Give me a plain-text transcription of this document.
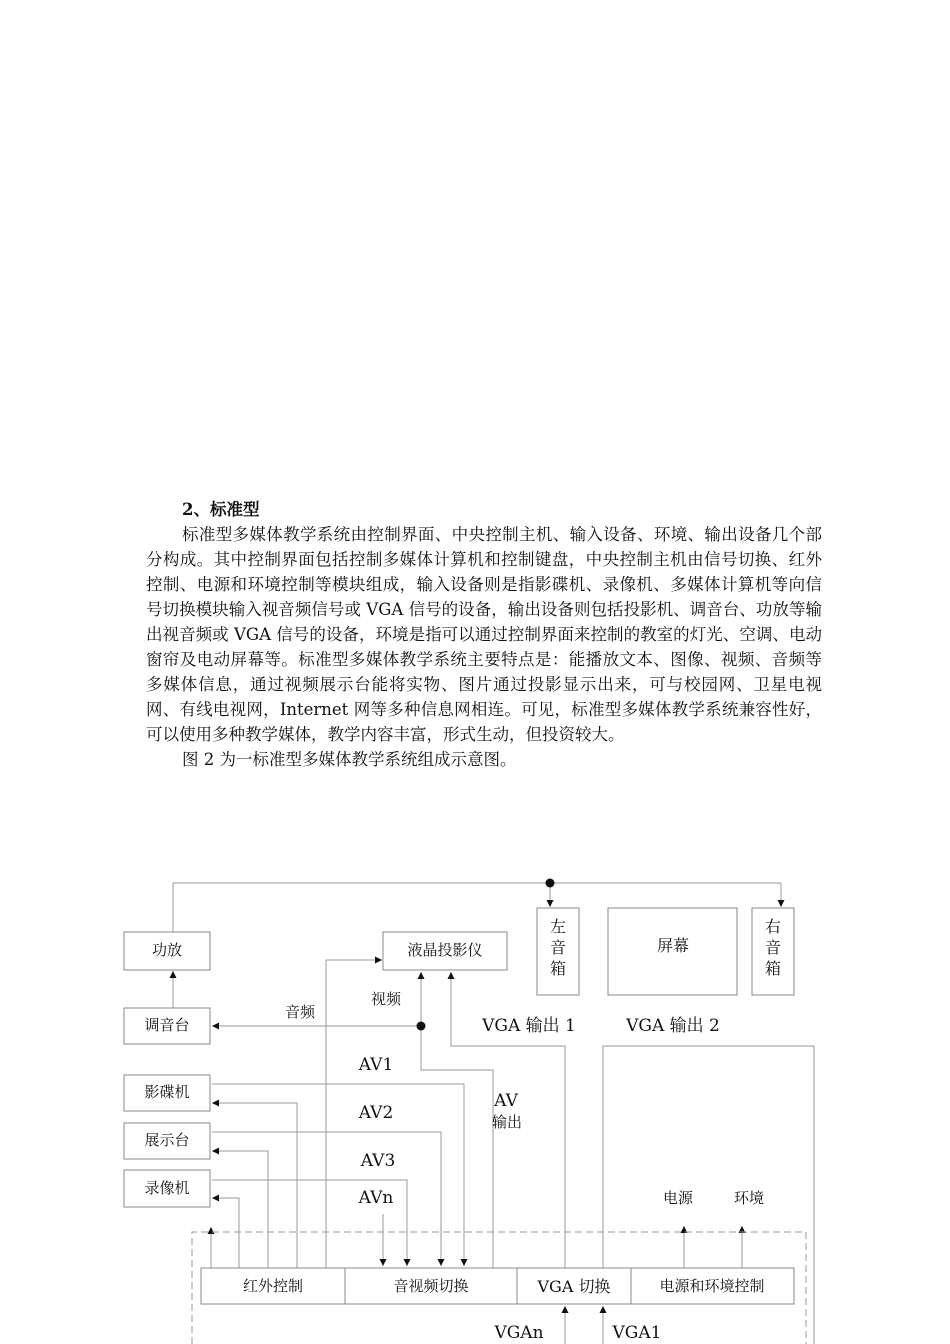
2、标准型

标准型多媒体教学系统由控制界面、中央控制主机、输入设备、环境、输出设备几个部分构成。其中控制界面包括控制多媒体计算机和控制键盘，中央控制主机由信号切换、红外控制、电源和环境控制等模块组成，输入设备则是指影碟机、录像机、多媒体计算机等向信号切换模块输入视音频信号或 VGA 信号的设备，输出设备则包括投影机、调音台、功放等输出视音频或 VGA 信号的设备，环境是指可以通过控制界面来控制的教室的灯光、空调、电动窗帘及电动屏幕等。标准型多媒体教学系统主要特点是：能播放文本、图像、视频、音频等多媒体信息，通过视频展示台能将实物、图片通过投影显示出来，可与校园网、卫星电视网、有线电视网，Internet 网等多种信息网相连。可见，标准型多媒体教学系统兼容性好，可以使用多种教学媒体，教学内容丰富，形式生动，但投资较大。

图 2 为一标准型多媒体教学系统组成示意图。

功放
调音台
影碟机
展示台
录像机
液晶投影仪
左
音
箱
屏幕
右
音
箱
红外控制	音视频切换	VGA 切换	电源和环境控制
音频
视频
VGA 输出 1	VGA 输出 2
AV1
AV2
AV3
AVn
AV
输出
电源	环境
VGAn	VGA1
